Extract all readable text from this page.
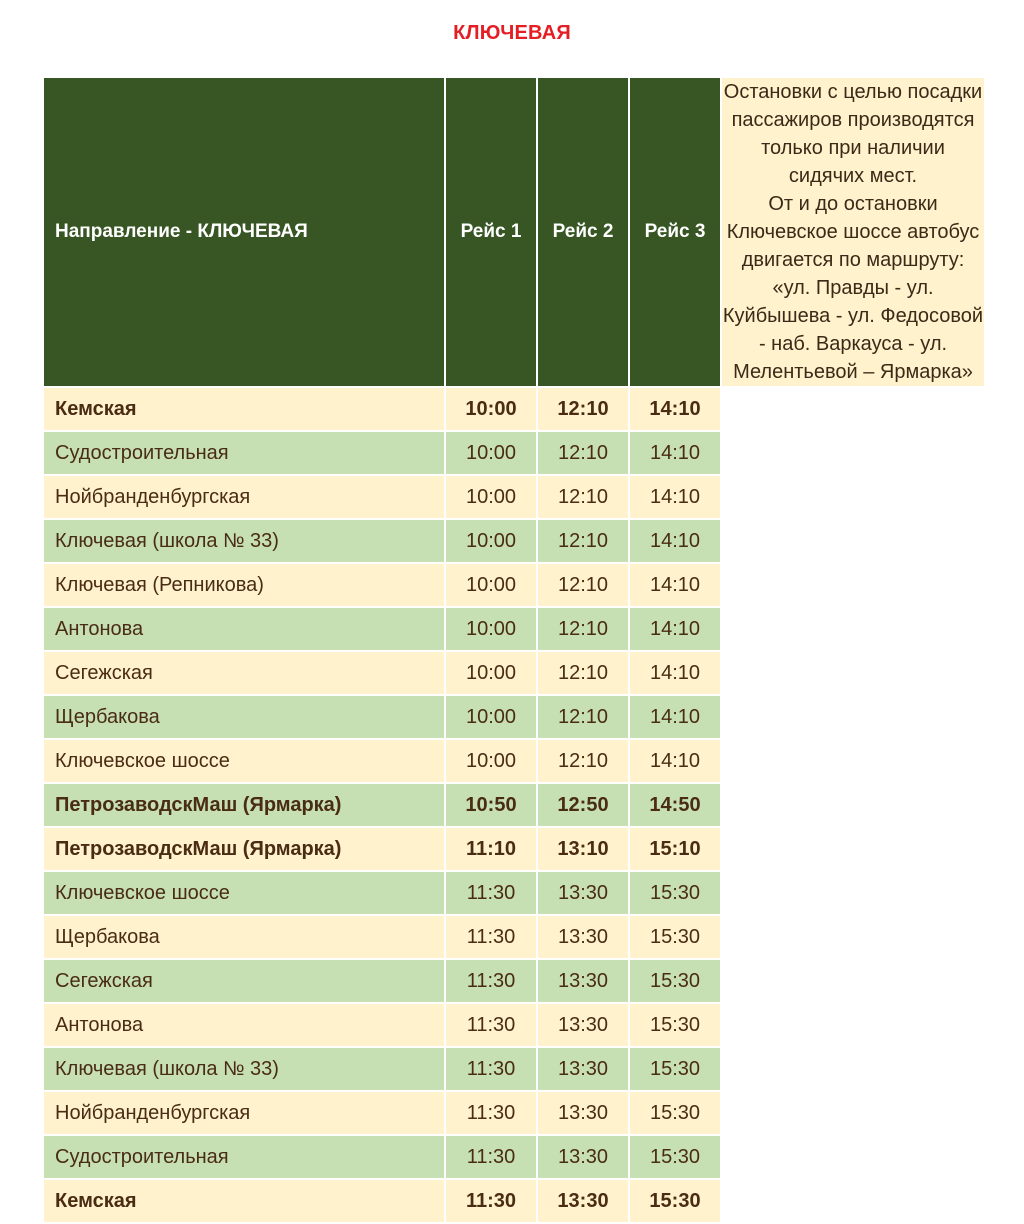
КЛЮЧЕВАЯ
Направление - КЛЮЧЕВАЯ	Рейс 1	Рейс 2	Рейс 3	Остановки с целью посадки пассажиров производятся только при наличии сидячих мест.
От и до остановки Ключевское шоссе автобус двигается по маршруту: «ул. Правды - ул. Куйбышева - ул. Федосовой - наб. Варкауса - ул. Мелентьевой – Ярмарка»

Кемская	10:00	12:10	14:10	
Судостроительная	10:00	12:10	14:10	
Нойбранденбургская	10:00	12:10	14:10	
Ключевая (школа № 33)	10:00	12:10	14:10	
Ключевая (Репникова)	10:00	12:10	14:10	
Антонова	10:00	12:10	14:10	
Сегежская	10:00	12:10	14:10	
Щербакова	10:00	12:10	14:10	
Ключевское шоссе	10:00	12:10	14:10	
ПетрозаводскМаш (Ярмарка)	10:50	12:50	14:50	
ПетрозаводскМаш (Ярмарка)	11:10	13:10	15:10	
Ключевское шоссе	11:30	13:30	15:30	
Щербакова	11:30	13:30	15:30	
Сегежская	11:30	13:30	15:30	
Антонова	11:30	13:30	15:30	
Ключевая (школа № 33)	11:30	13:30	15:30	
Нойбранденбургская	11:30	13:30	15:30	
Судостроительная	11:30	13:30	15:30	
Кемская	11:30	13:30	15:30	
